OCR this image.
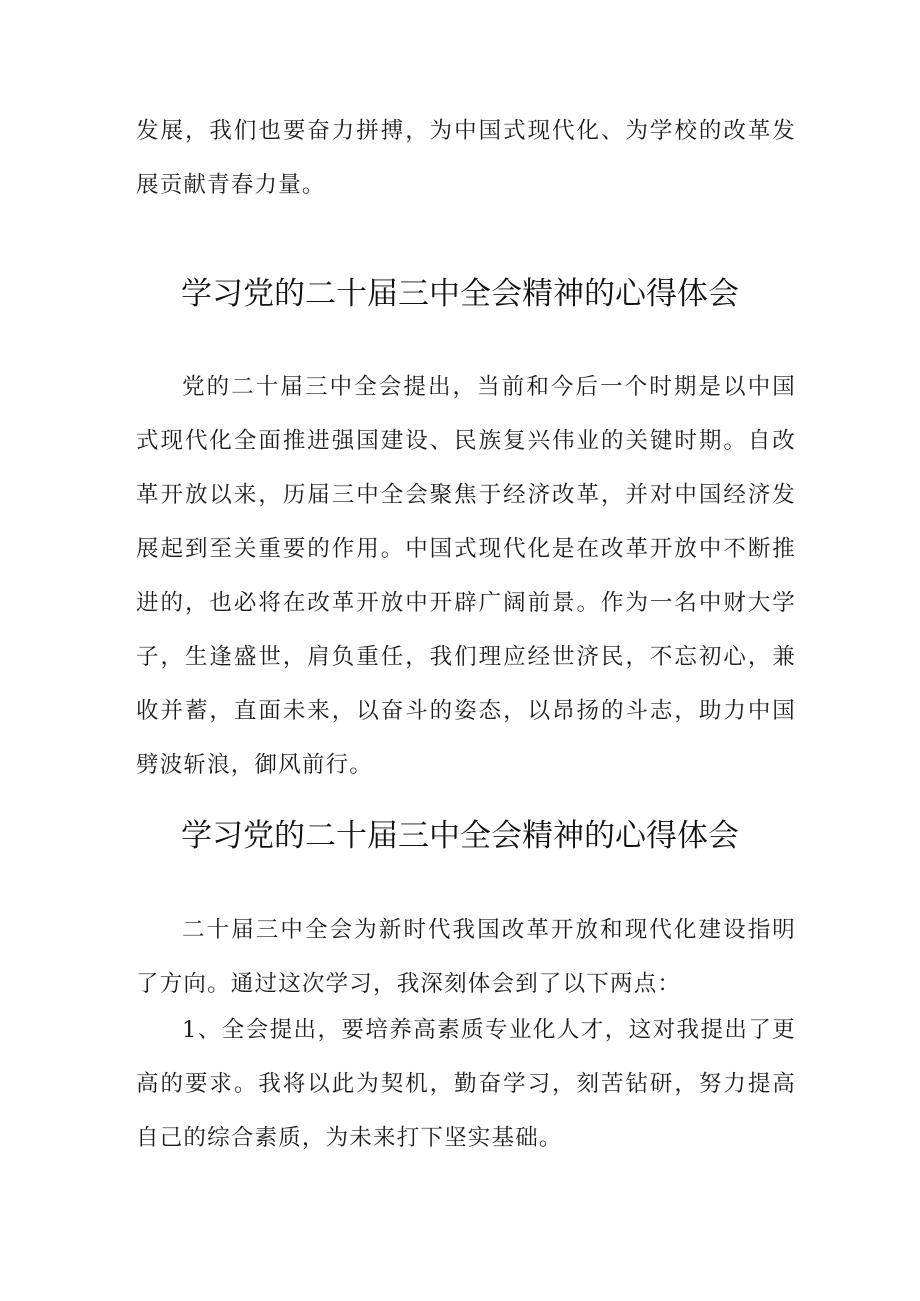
发展，我们也要奋力拼搏，为中国式现代化、为学校的改革发展贡献青春力量。

学习党的二十届三中全会精神的心得体会

党的二十届三中全会提出，当前和今后一个时期是以中国式现代化全面推进强国建设、民族复兴伟业的关键时期。自改革开放以来，历届三中全会聚焦于经济改革，并对中国经济发展起到至关重要的作用。中国式现代化是在改革开放中不断推进的，也必将在改革开放中开辟广阔前景。作为一名中财大学子，生逢盛世，肩负重任，我们理应经世济民，不忘初心，兼收并蓄，直面未来，以奋斗的姿态，以昂扬的斗志，助力中国劈波斩浪，御风前行。

学习党的二十届三中全会精神的心得体会

二十届三中全会为新时代我国改革开放和现代化建设指明了方向。通过这次学习，我深刻体会到了以下两点：

1、全会提出，要培养高素质专业化人才，这对我提出了更高的要求。我将以此为契机，勤奋学习，刻苦钻研，努力提高自己的综合素质，为未来打下坚实基础。
